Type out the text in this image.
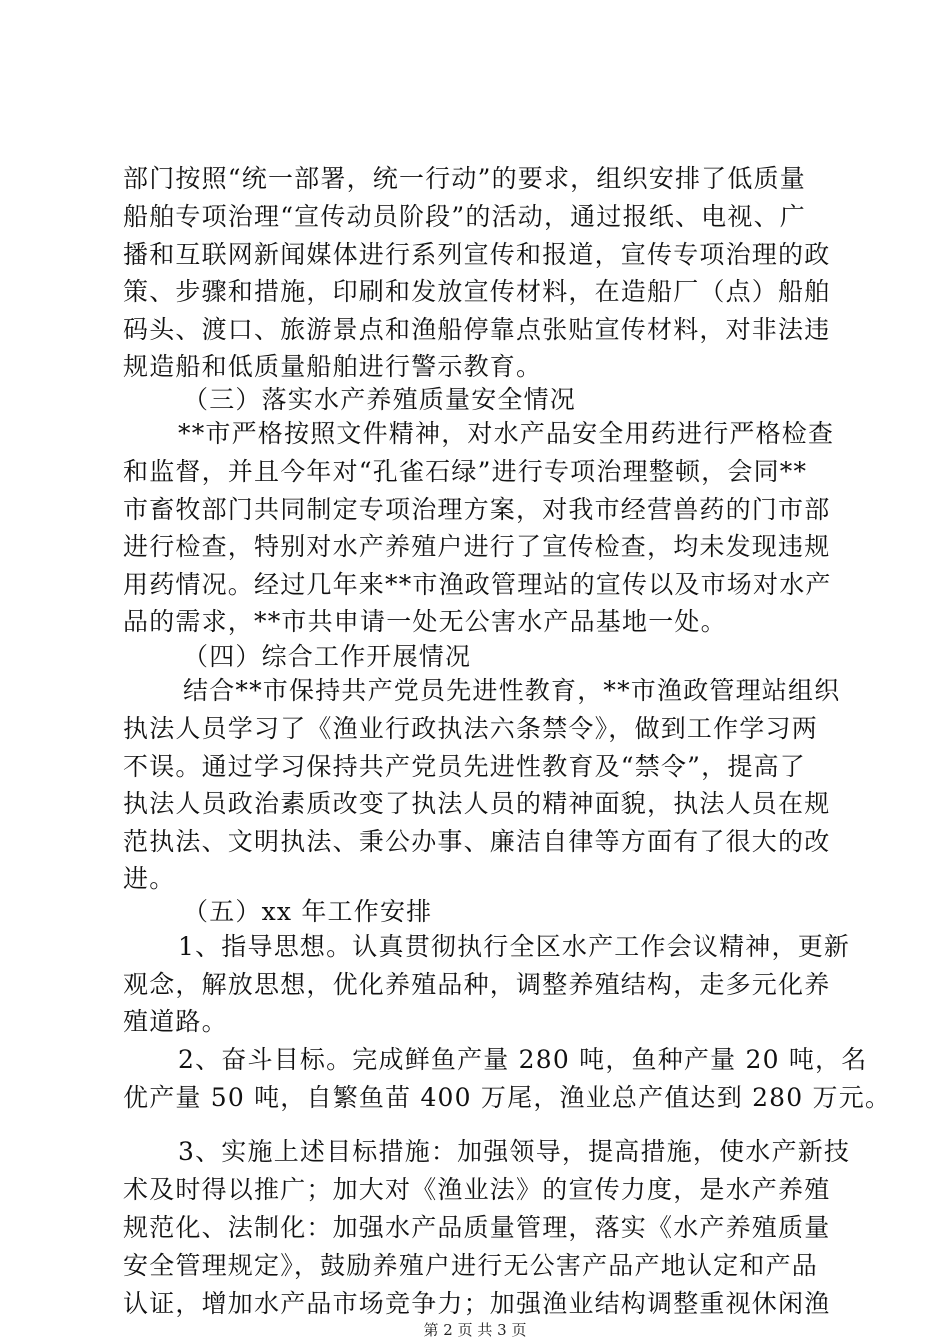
部门按照“统一部署，统一行动”的要求，组织安排了低质量
船舶专项治理“宣传动员阶段”的活动，通过报纸、电视、广
播和互联网新闻媒体进行系列宣传和报道，宣传专项治理的政
策、步骤和措施，印刷和发放宣传材料，在造船厂（点）船舶
码头、渡口、旅游景点和渔船停靠点张贴宣传材料，对非法违
规造船和低质量船舶进行警示教育。
（三）落实水产养殖质量安全情况
**市严格按照文件精神，对水产品安全用药进行严格检查
和监督，并且今年对“孔雀石绿”进行专项治理整顿，会同**
市畜牧部门共同制定专项治理方案，对我市经营兽药的门市部
进行检查，特别对水产养殖户进行了宣传检查，均未发现违规
用药情况。经过几年来**市渔政管理站的宣传以及市场对水产
品的需求，**市共申请一处无公害水产品基地一处。
（四）综合工作开展情况
结合**市保持共产党员先进性教育，**市渔政管理站组织
执法人员学习了《渔业行政执法六条禁令》，做到工作学习两
不误。通过学习保持共产党员先进性教育及“禁令”，提高了
执法人员政治素质改变了执法人员的精神面貌，执法人员在规
范执法、文明执法、秉公办事、廉洁自律等方面有了很大的改
进。
（五）xx 年工作安排
1、指导思想。认真贯彻执行全区水产工作会议精神，更新
观念，解放思想，优化养殖品种，调整养殖结构，走多元化养
殖道路。
2、奋斗目标。完成鲜鱼产量 280 吨，鱼种产量 20 吨，名
优产量 50 吨，自繁鱼苗 400 万尾，渔业总产值达到 280 万元。
3、实施上述目标措施：加强领导，提高措施，使水产新技
术及时得以推广；加大对《渔业法》的宣传力度，是水产养殖
规范化、法制化：加强水产品质量管理，落实《水产养殖质量
安全管理规定》，鼓励养殖户进行无公害产品产地认定和产品
认证，增加水产品市场竞争力；加强渔业结构调整重视休闲渔
第 2 页 共 3 页
